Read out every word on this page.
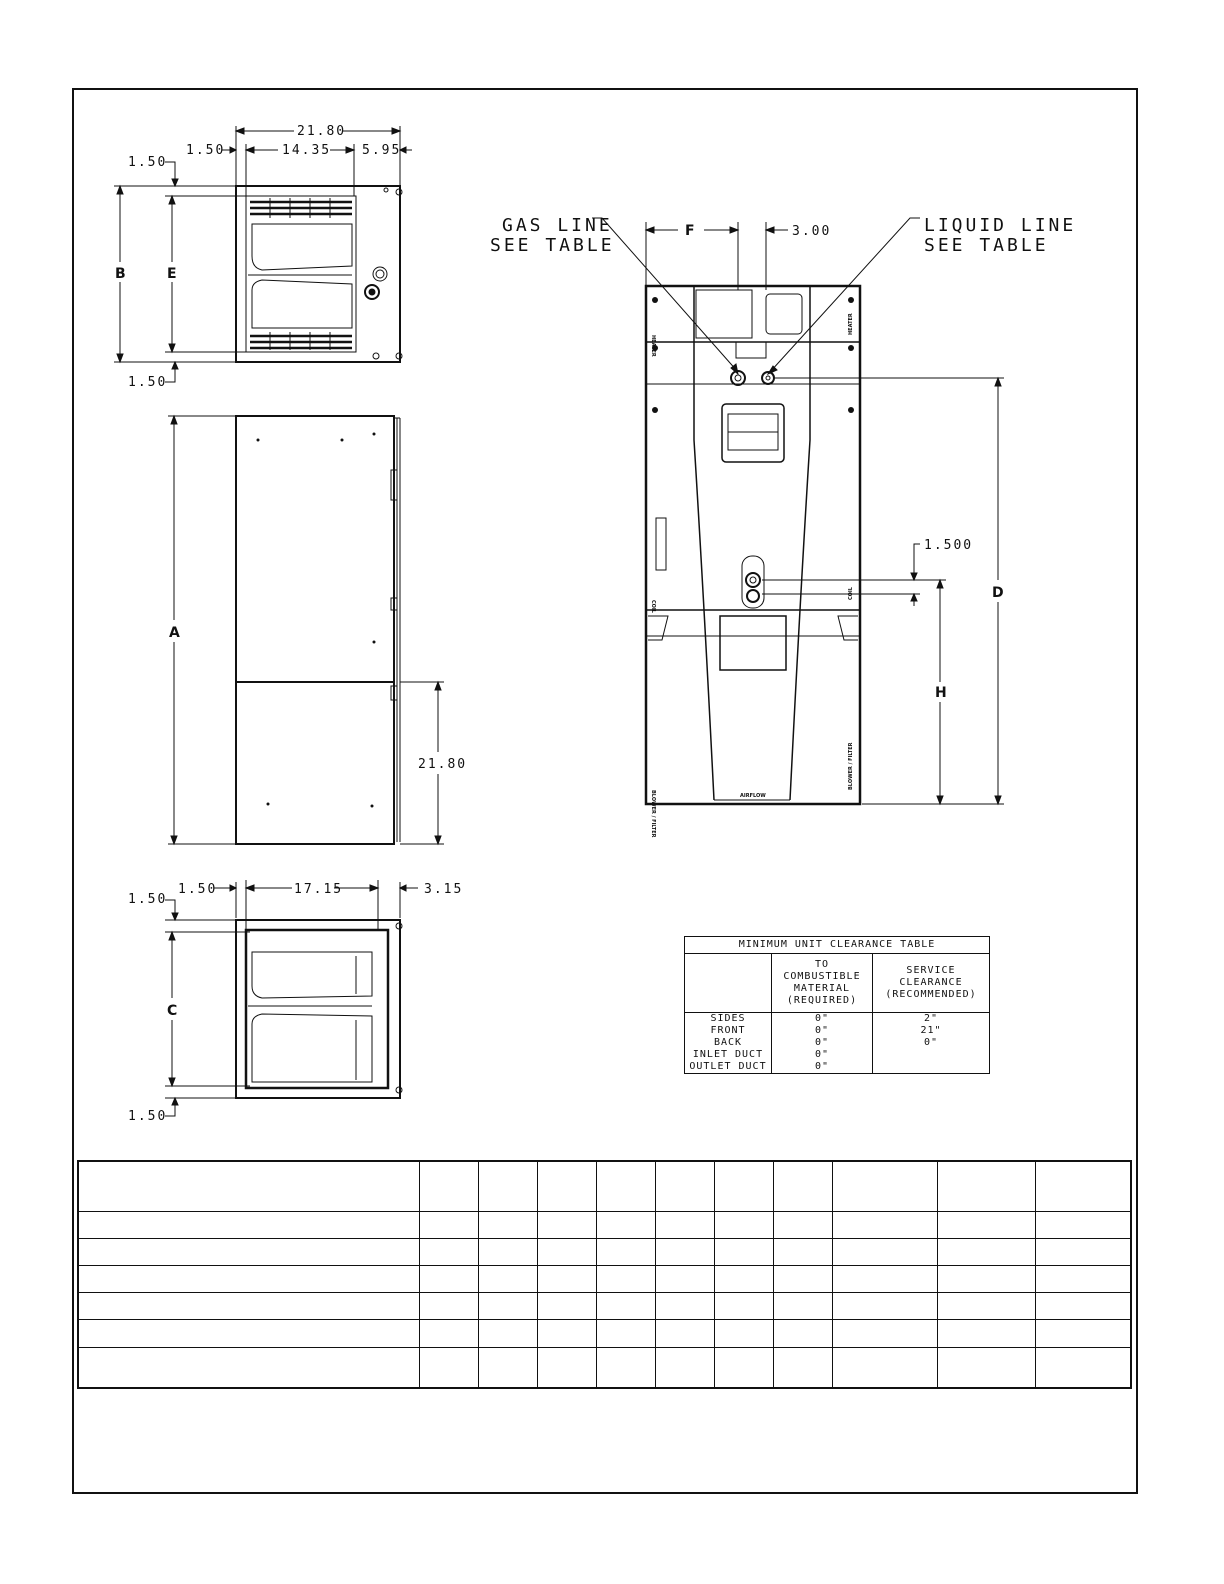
21.80
14.35
1.50	5.95
1.50
B	E
1.50
A
21.80
17.15
1.50	3.15
1.50
C
1.50
GAS LINE
SEE TABLE
LIQUID LINE
SEE TABLE
F	3.00
HEATER
HEATER
COIL
COIL
BLOWER / FILTER
BLOWER / FILTER
AIRFLOW
D
H
1.500
MINIMUM UNIT CLEARANCE TABLE		
	TO COMBUSTIBLE MATERIAL (REQUIRED)	SERVICE CLEARANCE (RECOMMENDED)
SIDES	0"	2"
FRONT	0"	21"
BACK	0"	0"
INLET DUCT	0"	
OUTLET DUCT	0"	
